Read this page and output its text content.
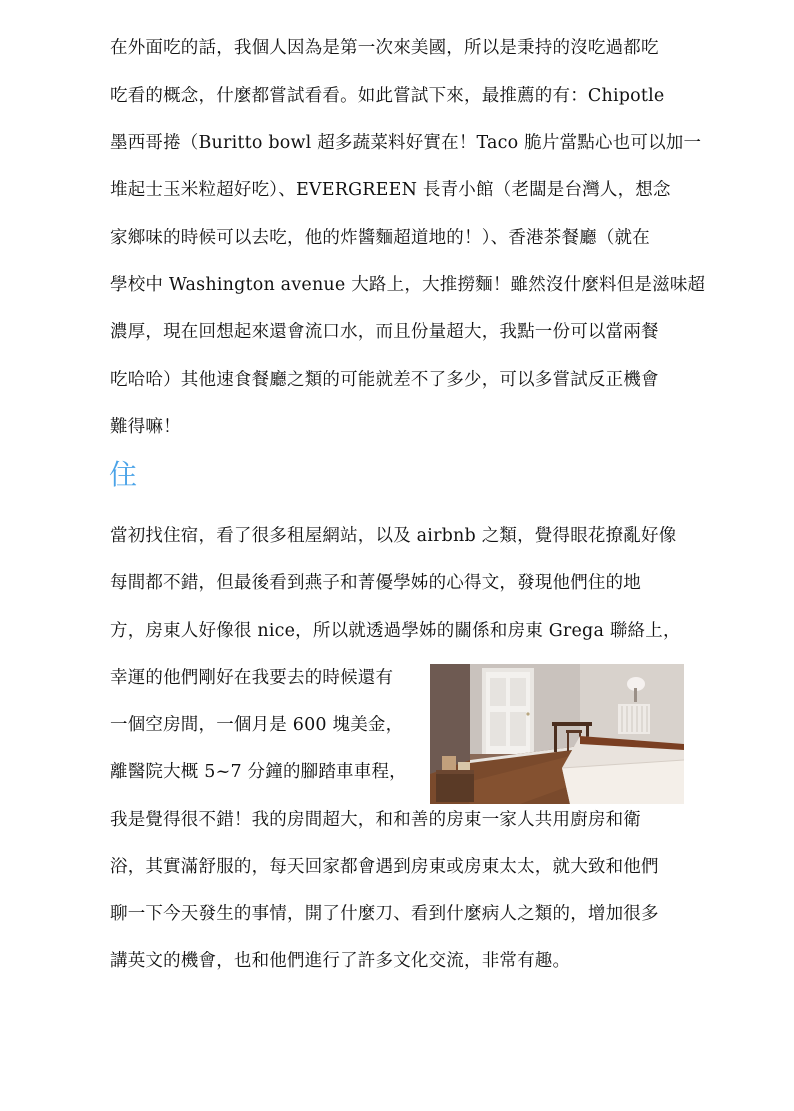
在外面吃的話，我個人因為是第一次來美國，所以是秉持的沒吃過都吃
吃看的概念，什麼都嘗試看看。如此嘗試下來，最推薦的有：Chipotle
墨西哥捲（Buritto bowl 超多蔬菜料好實在！Taco 脆片當點心也可以加一
堆起士玉米粒超好吃）、EVERGREEN 長青小館（老闆是台灣人，想念
家鄉味的時候可以去吃，他的炸醬麵超道地的！）、香港茶餐廳（就在
學校中 Washington avenue 大路上，大推撈麵！雖然沒什麼料但是滋味超
濃厚，現在回想起來還會流口水，而且份量超大，我點一份可以當兩餐
吃哈哈）其他速食餐廳之類的可能就差不了多少，可以多嘗試反正機會
難得嘛！
住
當初找住宿，看了很多租屋網站，以及 airbnb 之類，覺得眼花撩亂好像
每間都不錯，但最後看到燕子和菁優學姊的心得文，發現他們住的地
方，房東人好像很 nice，所以就透過學姊的關係和房東 Grega 聯絡上，
幸運的他們剛好在我要去的時候還有
一個空房間，一個月是 600 塊美金，
離醫院大概 5~7 分鐘的腳踏車車程，
我是覺得很不錯！我的房間超大，和和善的房東一家人共用廚房和衛
浴，其實滿舒服的，每天回家都會遇到房東或房東太太，就大致和他們
聊一下今天發生的事情，開了什麼刀、看到什麼病人之類的，增加很多
講英文的機會，也和他們進行了許多文化交流，非常有趣。
